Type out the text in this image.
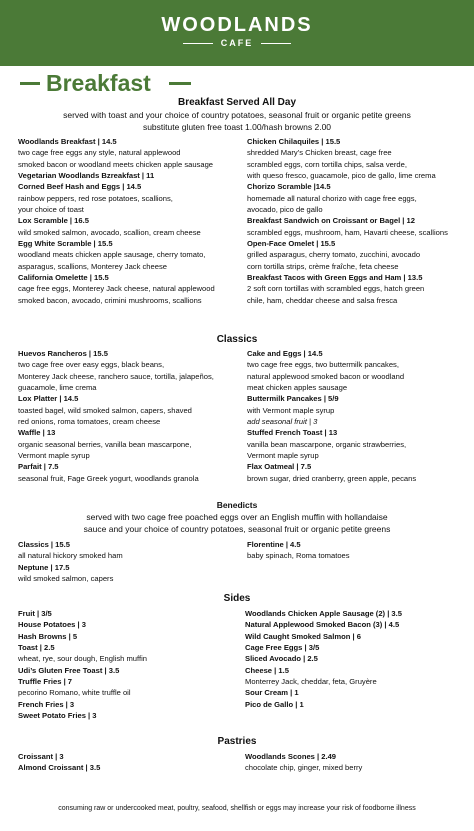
WOODLANDS
CAFE
Breakfast
Breakfast Served All Day
served with toast and your choice of country potatoes, seasonal fruit or organic petite greens
substitute gluten free toast 1.00/hash browns 2.00
Woodlands Breakfast | 14.5
two cage free eggs any style, natural applewood
smoked bacon or woodland meets chicken apple sausage
Vegetarian Woodlands Bzreakfast | 11
Corned Beef Hash and Eggs | 14.5
rainbow peppers, red rose potatoes, scallions,
your choice of toast
Lox Scramble | 16.5
wild smoked salmon, avocado, scallion, cream cheese
Egg White Scramble | 15.5
woodland meats chicken apple sausage, cherry tomato,
asparagus, scallions, Monterey Jack cheese
California Omelette | 15.5
cage free eggs, Monterey Jack cheese, natural applewood
smoked bacon, avocado, crimini mushrooms, scallions
Chicken Chilaquiles | 15.5
shredded Mary’s Chicken breast, cage free
scrambled eggs, corn tortilla chips, salsa verde,
with queso fresco, guacamole, pico de gallo, lime crema
Chorizo Scramble |14.5
homemade all natural chorizo with cage free eggs,
avocado, pico de gallo
Breakfast Sandwich on Croissant or Bagel | 12
scrambled eggs, mushroom, ham, Havarti cheese, scallions
Open-Face Omelet | 15.5
grilled asparagus, cherry tomato, zucchini, avocado
corn tortilla strips, crème fraîche, feta cheese
Breakfast Tacos with Green Eggs and Ham | 13.5
2 soft corn tortillas with scrambled eggs, hatch green
chile, ham, cheddar cheese and salsa fresca
Classics
Huevos Rancheros | 15.5
two cage free over easy eggs, black beans,
Monterey Jack cheese, ranchero sauce, tortilla, jalapeños,
guacamole, lime crema
Lox Platter | 14.5
toasted bagel, wild smoked salmon, capers, shaved
red onions, roma tomatoes, cream cheese
Waffle | 13
organic seasonal berries, vanilla bean mascarpone,
Vermont maple syrup
Parfait | 7.5
seasonal fruit, Fage Greek yogurt, woodlands granola
Cake and Eggs | 14.5
two cage free eggs, two buttermilk pancakes,
natural applewood smoked bacon or woodland
meat chicken apples sausage
Buttermilk Pancakes | 5/9
with Vermont maple syrup
add seasonal fruit | 3
Stuffed French Toast | 13
vanilla bean mascarpone, organic strawberries,
Vermont maple syrup
Flax Oatmeal | 7.5
brown sugar, dried cranberry, green apple, pecans
Benedicts
served with two cage free poached eggs over an English muffin with hollandaise
sauce and your choice of country potatoes, seasonal fruit or organic petite greens
Classics | 15.5
all natural hickory smoked ham
Neptune | 17.5
wild smoked salmon, capers
Florentine | 4.5
baby spinach, Roma tomatoes
Sides
Fruit | 3/5
House Potatoes | 3
Hash Browns | 5
Toast | 2.5
wheat, rye, sour dough, English muffin
Udi’s Gluten Free Toast | 3.5
Truffle Fries | 7
pecorino Romano, white truffle oil
French Fries | 3
Sweet Potato Fries | 3
Woodlands Chicken Apple Sausage (2) | 3.5
Natural Applewood Smoked Bacon (3) | 4.5
Wild Caught Smoked Salmon | 6
Cage Free Eggs | 3/5
Sliced Avocado | 2.5
Cheese | 1.5
Monterrey Jack, cheddar, feta, Gruyère
Sour Cream | 1
Pico de Gallo | 1
Pastries
Croissant | 3
Almond Croissant | 3.5
Woodlands Scones | 2.49
chocolate chip, ginger, mixed berry
consuming raw or undercooked meat, poultry, seafood, shellfish or eggs may increase your risk of foodborne illness
